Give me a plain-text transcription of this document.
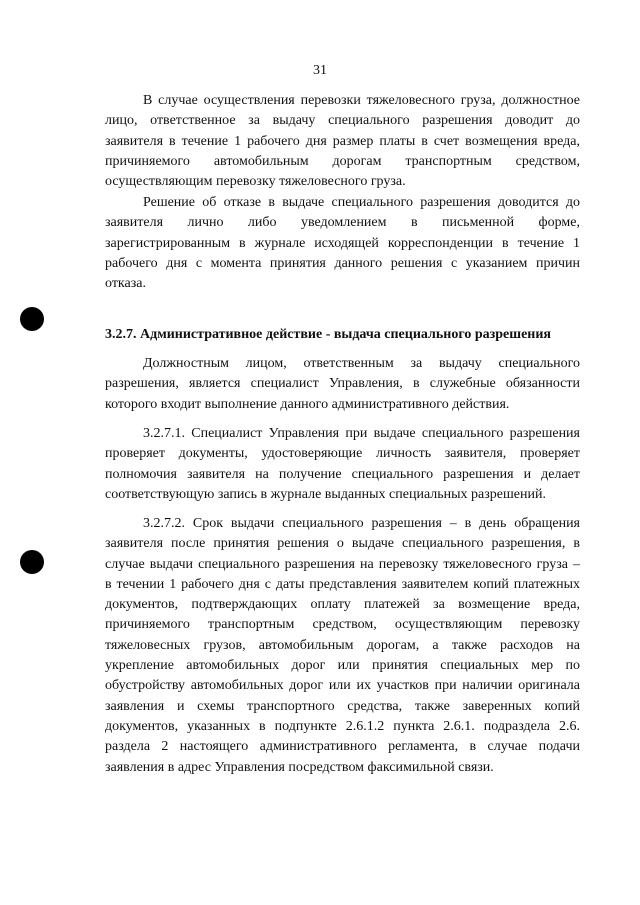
31

В случае осуществления перевозки тяжеловесного груза, должностное
лицо, ответственное за выдачу специального разрешения доводит до
заявителя в течение 1 рабочего дня размер платы в счет возмещения вреда,
причиняемого автомобильным дорогам транспортным средством,
осуществляющим перевозку тяжеловесного груза.

Решение об отказе в выдаче специального разрешения доводится до
заявителя лично либо уведомлением в письменной форме,
зарегистрированным в журнале исходящей корреспонденции в течение 1
рабочего дня с момента принятия данного решения с указанием причин
отказа.

3.2.7. Административное действие - выдача специального разрешения

Должностным лицом, ответственным за выдачу специального
разрешения, является специалист Управления, в служебные обязанности
которого входит выполнение данного административного действия.

3.2.7.1. Специалист Управления при выдаче специального разрешения
проверяет документы, удостоверяющие личность заявителя, проверяет
полномочия заявителя на получение специального разрешения и делает
соответствующую запись в журнале выданных специальных разрешений.

3.2.7.2. Срок выдачи специального разрешения – в день обращения
заявителя после принятия решения о выдаче специального разрешения, в
случае выдачи специального разрешения на перевозку тяжеловесного груза –
в течении 1 рабочего дня с даты представления заявителем копий платежных
документов, подтверждающих оплату платежей за возмещение вреда,
причиняемого транспортным средством, осуществляющим перевозку
тяжеловесных грузов, автомобильным дорогам, а также расходов на
укрепление автомобильных дорог или принятия специальных мер по
обустройству автомобильных дорог или их участков при наличии оригинала
заявления и схемы транспортного средства, также заверенных копий
документов, указанных в подпункте 2.6.1.2 пункта 2.6.1. подраздела 2.6.
раздела 2 настоящего административного регламента, в случае подачи
заявления в адрес Управления посредством факсимильной связи.
